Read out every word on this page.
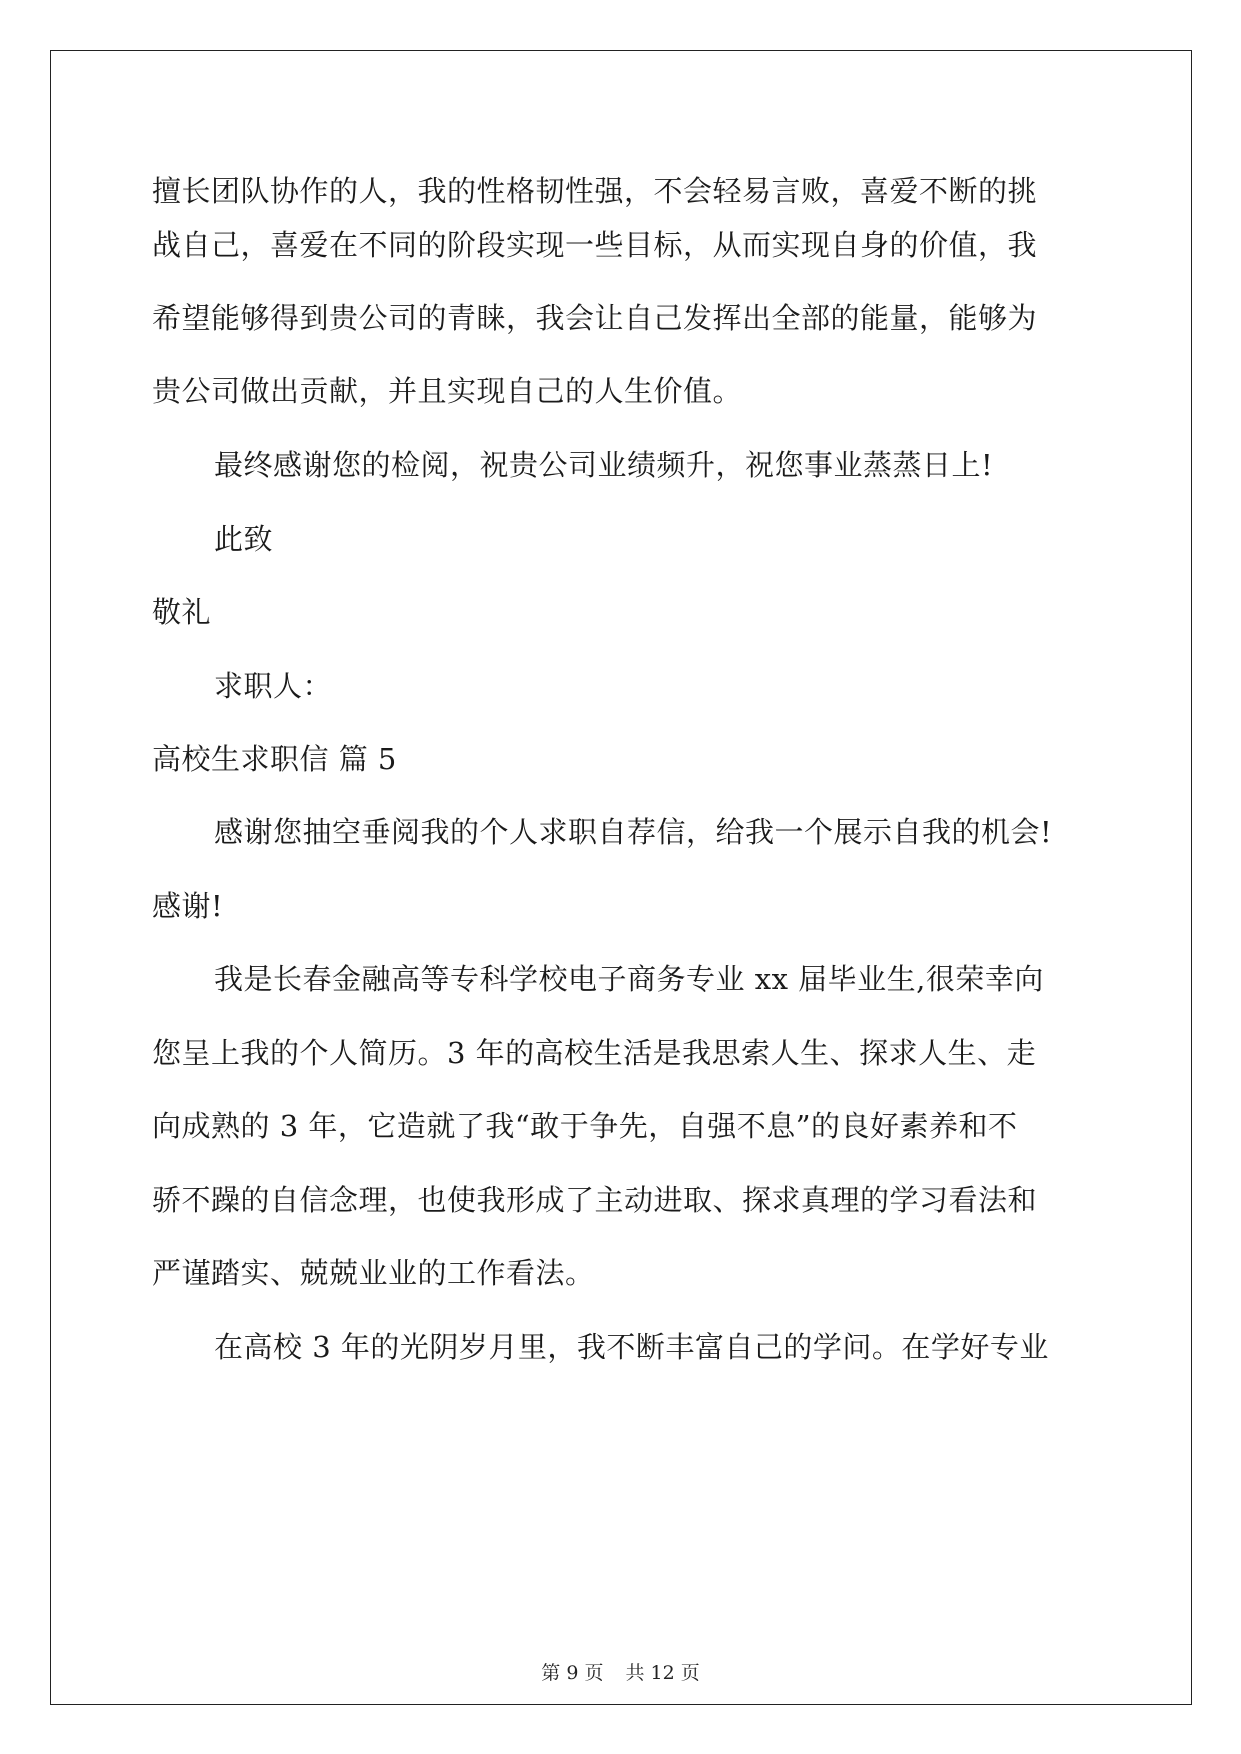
擅长团队协作的人，我的性格韧性强，不会轻易言败，喜爱不断的挑
战自己，喜爱在不同的阶段实现一些目标，从而实现自身的价值，我
希望能够得到贵公司的青睐，我会让自己发挥出全部的能量，能够为
贵公司做出贡献，并且实现自己的人生价值。
最终感谢您的检阅，祝贵公司业绩频升，祝您事业蒸蒸日上!
此致
敬礼
求职人：
高校生求职信 篇 5
感谢您抽空垂阅我的个人求职自荐信，给我一个展示自我的机会!
感谢!
我是长春金融高等专科学校电子商务专业 xx 届毕业生,很荣幸向
您呈上我的个人简历。3 年的高校生活是我思索人生、探求人生、走
向成熟的 3 年，它造就了我“敢于争先，自强不息”的良好素养和不
骄不躁的自信念理，也使我形成了主动进取、探求真理的学习看法和
严谨踏实、兢兢业业的工作看法。
在高校 3 年的光阴岁月里，我不断丰富自己的学问。在学好专业
第 9 页 共 12 页
